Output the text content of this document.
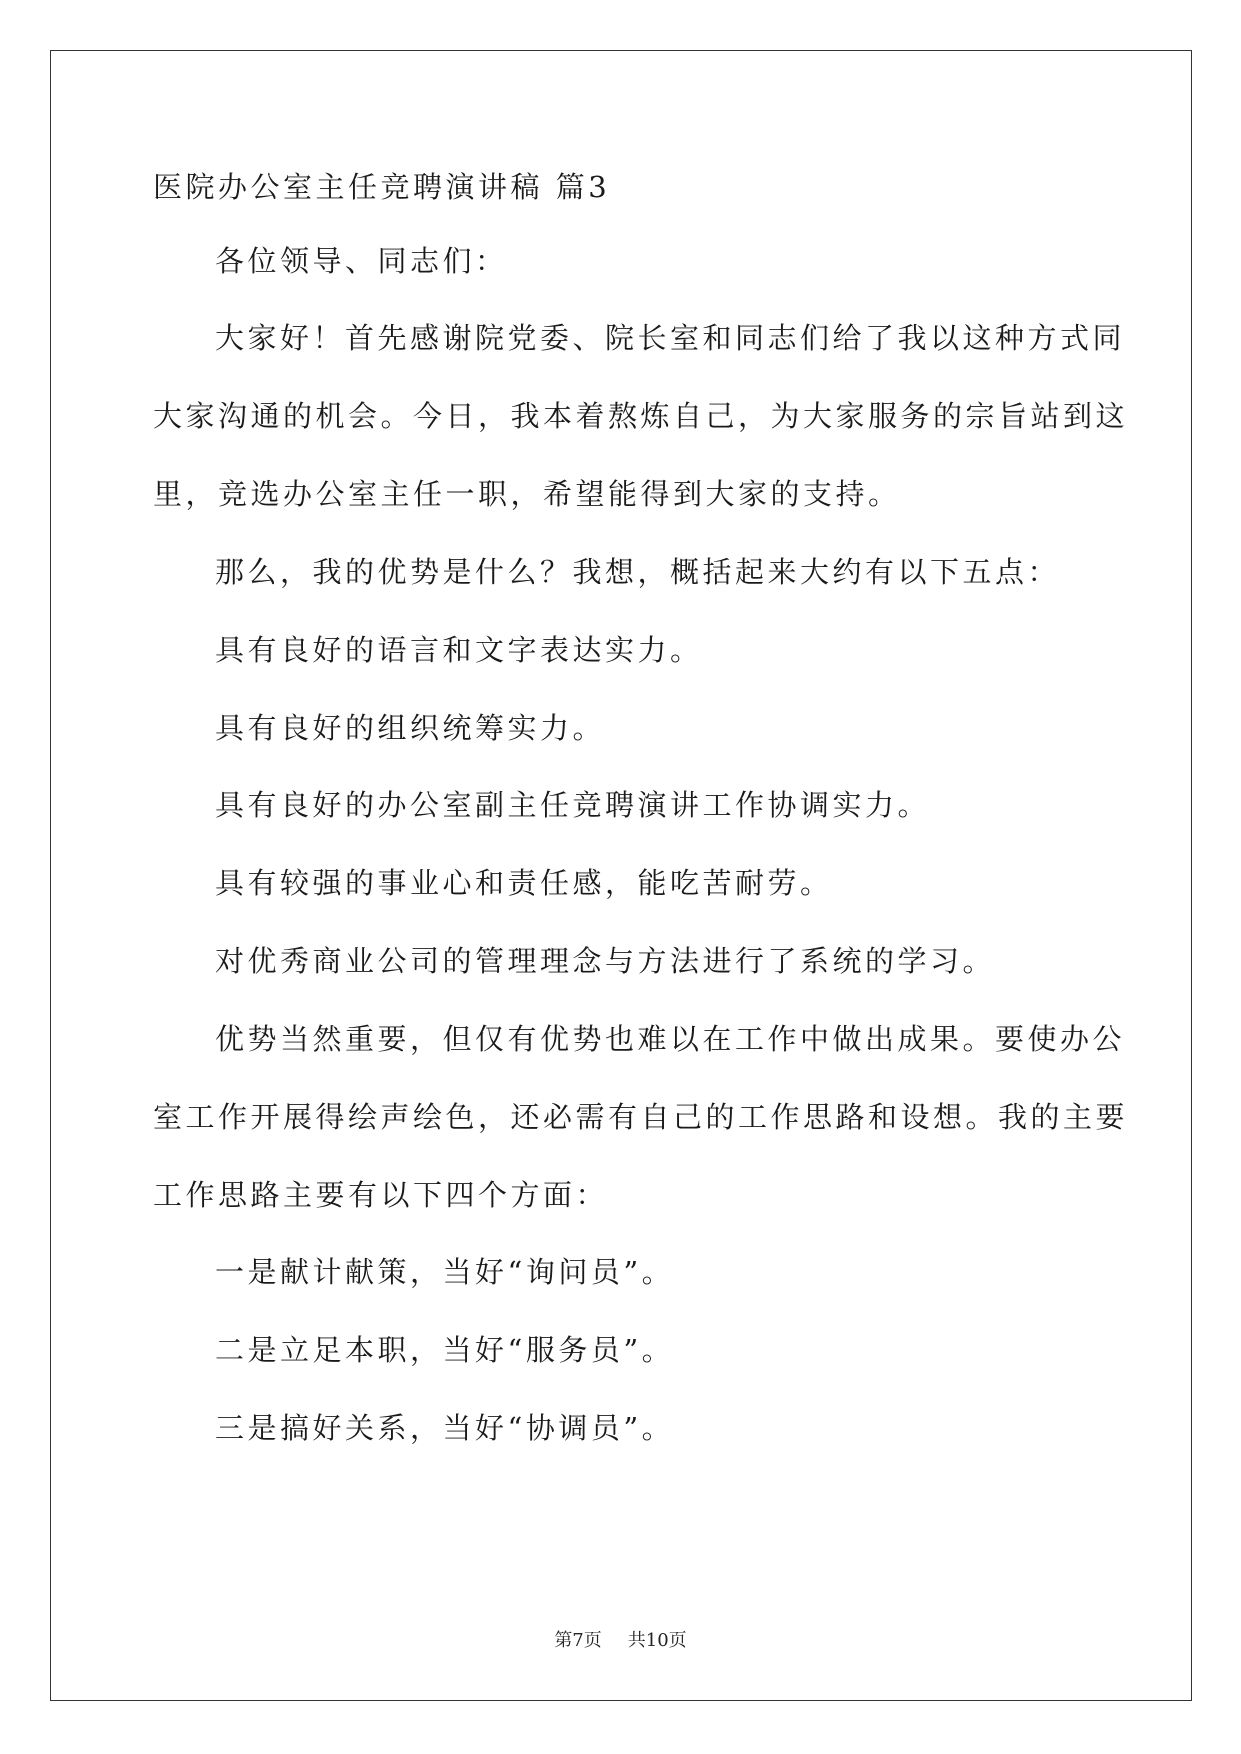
医院办公室主任竞聘演讲稿 篇3

各位领导、同志们：

大家好！首先感谢院党委、院长室和同志们给了我以这种方式同

大家沟通的机会。今日，我本着熬炼自己，为大家服务的宗旨站到这

里，竞选办公室主任一职，希望能得到大家的支持。

那么，我的优势是什么？我想，概括起来大约有以下五点：

具有良好的语言和文字表达实力。

具有良好的组织统筹实力。

具有良好的办公室副主任竞聘演讲工作协调实力。

具有较强的事业心和责任感，能吃苦耐劳。

对优秀商业公司的管理理念与方法进行了系统的学习。

优势当然重要，但仅有优势也难以在工作中做出成果。要使办公

室工作开展得绘声绘色，还必需有自己的工作思路和设想。我的主要

工作思路主要有以下四个方面：

一是献计献策，当好“询问员”。

二是立足本职，当好“服务员”。

三是搞好关系，当好“协调员”。

第7页 共10页
